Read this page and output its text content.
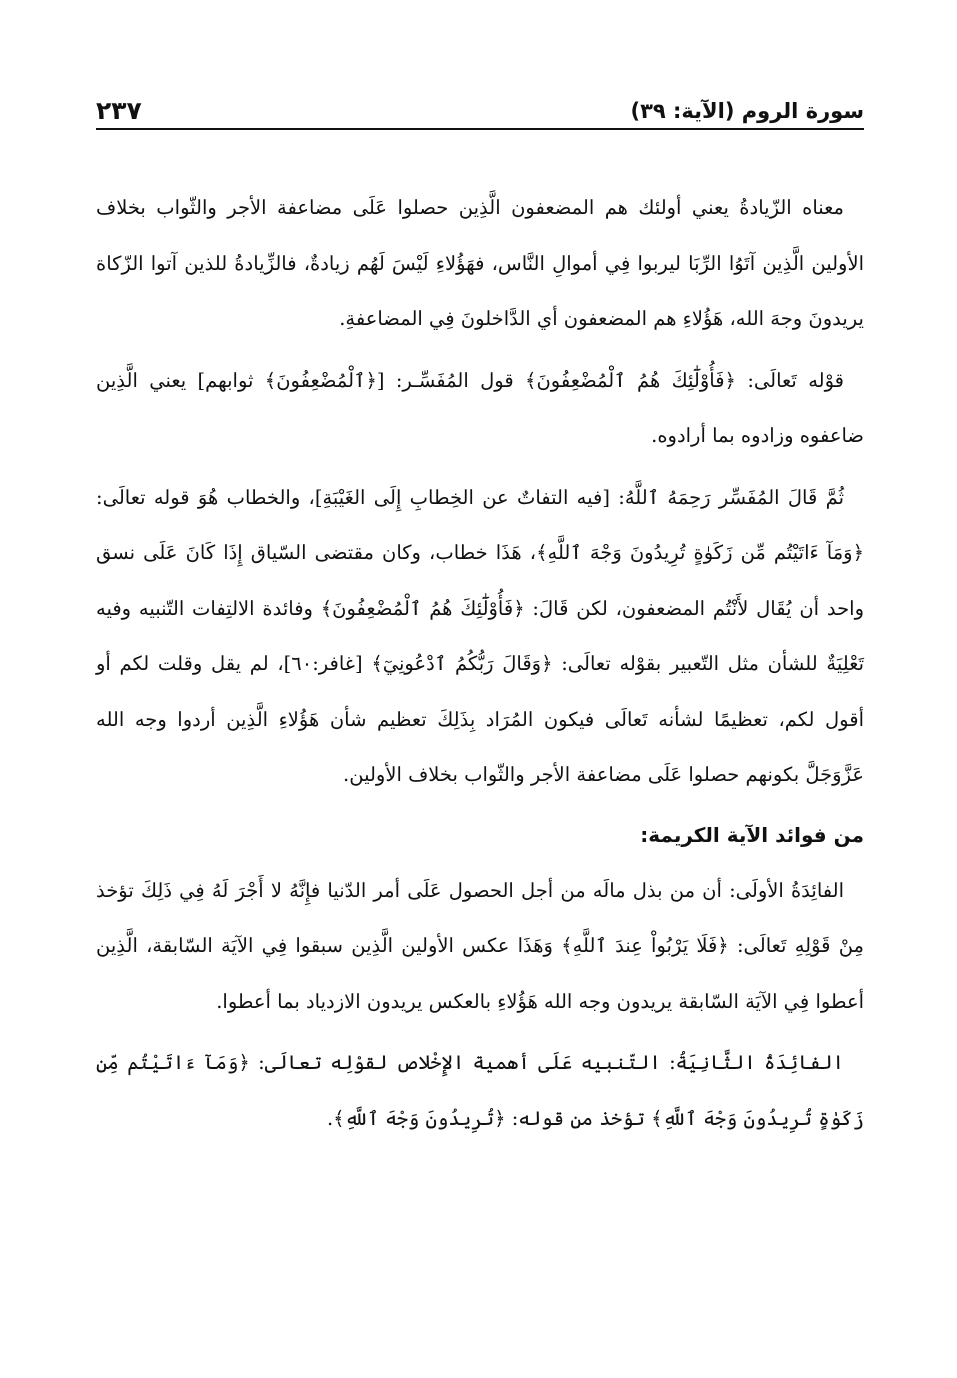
سورة الروم (الآية: ٣٩)
٢٣٧

معناه الزّيادةُ يعني أولئك هم المضعفون الَّذِين حصلوا عَلَى مضاعفة الأجر والثّواب بخلاف الأولين الَّذِين آتَوُا الرِّبَا ليربوا فِي أموالِ النَّاس، فهَؤُلاءِ لَيْسَ لَهُم زيادةٌ، فالزِّيادةُ للذين آتوا الزّكاة يريدونَ وجهَ الله، هَؤُلاءِ هم المضعفون أي الدَّاخلونَ فِي المضاعفةِ.

قوْله تَعالَى: ﴿فَأُوْلَٰٓئِكَ هُمُ ٱلْمُضْعِفُونَ﴾ قول المُفَسِّـر: [﴿ٱلْمُضْعِفُونَ﴾ ثوابهم] يعني الَّذِين ضاعفوه وزادوه بما أرادوه.

ثُمَّ قَالَ المُفَسِّر رَحِمَهُ ٱللَّهُ: [فيه التفاتٌ عن الخِطابِ إِلَى الغَيْبَةِ]، والخطاب هُوَ قوله تعالَى: ﴿وَمَآ ءَاتَيْتُم مِّن زَكَوٰةٍ تُرِيدُونَ وَجْهَ ٱللَّهِ﴾، هَذَا خطاب، وكان مقتضى السّياق إِذَا كَانَ عَلَى نسق واحد أن يُقَال لأَنْتُم المضعفون، لكن قَالَ: ﴿فَأُوْلَٰٓئِكَ هُمُ ٱلْمُضْعِفُونَ﴾ وفائدة الالتِفات التّنبيه وفيه تَعْلِيَةٌ للشأن مثل التّعبير بقوْله تعالَى: ﴿وَقَالَ رَبُّكُمُ ٱدْعُونِيٓ﴾ [غافر:٦٠]، لم يقل وقلت لكم أو أقول لكم، تعظيمًا لشأنه تَعالَى فيكون المُرَاد بِذَلِكَ تعظيم شأن هَؤُلاءِ الَّذِين أردوا وجه الله عَزَّوَجَلَّ بكونهم حصلوا عَلَى مضاعفة الأجر والثّواب بخلاف الأولين.

من فوائد الآية الكريمة:

الفائِدَةُ الأولَى: أن من بذل مالَه من أجل الحصول عَلَى أمر الدّنيا فإِنَّهُ لا أَجْرَ لَهُ فِي ذَلِكَ تؤخذ مِنْ قَوْلِهِ تَعالَى: ﴿فَلَا يَرْبُواْ عِندَ ٱللَّهِ﴾ وَهَذَا عكس الأولين الَّذِين سبقوا فِي الآيَة السّابقة، الَّذِين أعطوا فِي الآيَة السّابقة يريدون وجه الله هَؤُلاءِ بالعكس يريدون الازدياد بما أعطوا.

الفائِدَةُ الثَّانِيَةُ: التّنبيه عَلَى أهمية الإِخْلاص لقوْلِه تعالَى: ﴿وَمَآ ءَاتَيْتُم مِّن زَكَوٰةٍ تُرِيدُونَ وَجْهَ ٱللَّهِ﴾ تؤخذ من قوله: ﴿تُرِيدُونَ وَجْهَ ٱللَّهِ﴾.
